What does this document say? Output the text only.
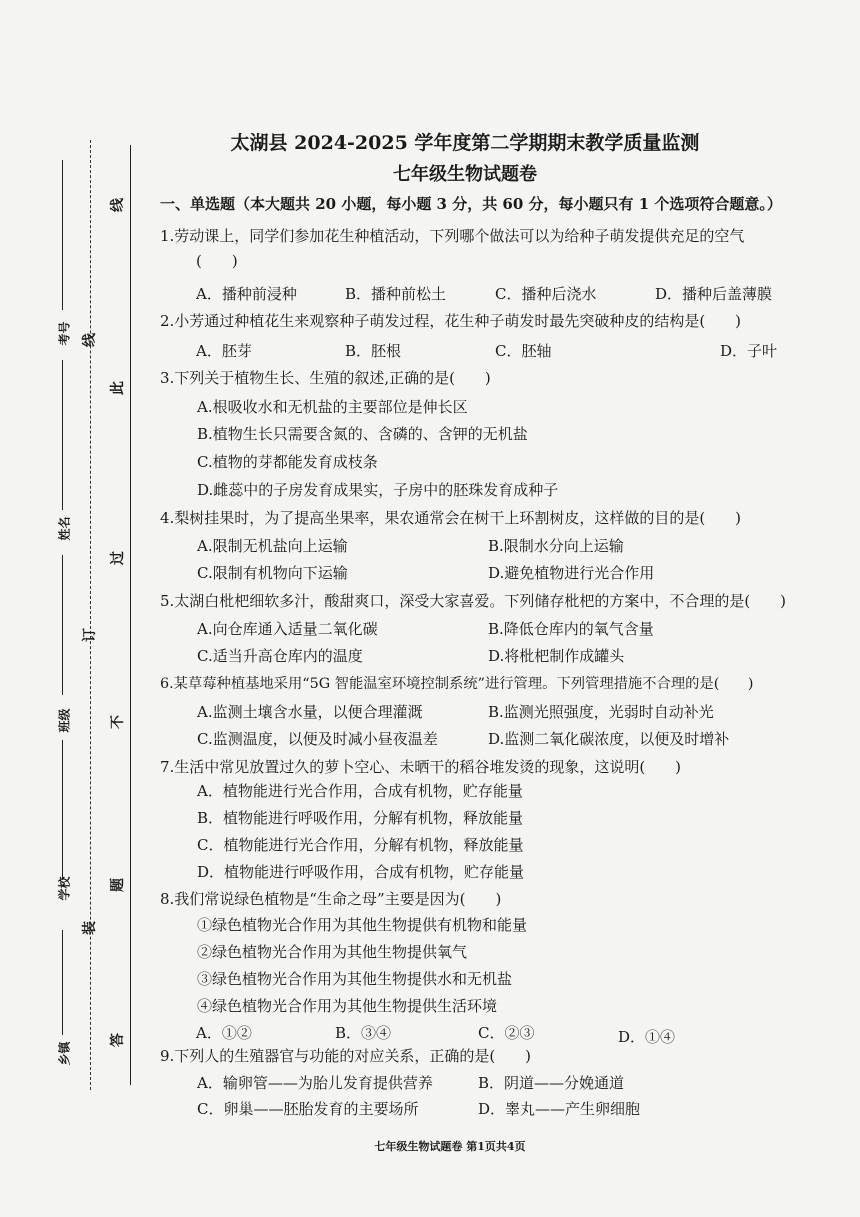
考号
姓名
班级
学校
乡镇
线
订
装
线
此
过
不
题
答
太湖县 2024-2025 学年度第二学期期末教学质量监测
七年级生物试题卷
一、单选题（本大题共 20 小题，每小题 3 分，共 60 分，每小题只有 1 个选项符合题意。）
1.劳动课上，同学们参加花生种植活动，下列哪个做法可以为给种子萌发提供充足的空气
(　　)
A．播种前浸种	B．播种前松土	C．播种后浇水	D．播种后盖薄膜
2.小芳通过种植花生来观察种子萌发过程，花生种子萌发时最先突破种皮的结构是(　　)
A．胚芽	B．胚根	C．胚轴	D．子叶
3.下列关于植物生长、生殖的叙述,正确的是(　　)
A.根吸收水和无机盐的主要部位是伸长区
B.植物生长只需要含氮的、含磷的、含钾的无机盐
C.植物的芽都能发育成枝条
D.雌蕊中的子房发育成果实，子房中的胚珠发育成种子
4.梨树挂果时，为了提高坐果率，果农通常会在树干上环割树皮，这样做的目的是(　　)
A.限制无机盐向上运输	B.限制水分向上运输
C.限制有机物向下运输	D.避免植物进行光合作用
5.太湖白枇杷细软多汁，酸甜爽口，深受大家喜爱。下列储存枇杷的方案中，不合理的是(　　)
A.向仓库通入适量二氧化碳	B.降低仓库内的氧气含量
C.适当升高仓库内的温度	D.将枇杷制作成罐头
6.某草莓种植基地采用“5G 智能温室环境控制系统”进行管理。下列管理措施不合理的是(　　)
A.监测土壤含水量，以便合理灌溉	B.监测光照强度，光弱时自动补光
C.监测温度，以便及时减小昼夜温差	D.监测二氧化碳浓度，以便及时增补
7.生活中常见放置过久的萝卜空心、未晒干的稻谷堆发烫的现象，这说明(　　)
A．植物能进行光合作用，合成有机物，贮存能量
B．植物能进行呼吸作用，分解有机物，释放能量
C．植物能进行光合作用，分解有机物，释放能量
D．植物能进行呼吸作用，合成有机物，贮存能量
8.我们常说绿色植物是“生命之母”主要是因为(　　)
①绿色植物光合作用为其他生物提供有机物和能量
②绿色植物光合作用为其他生物提供氧气
③绿色植物光合作用为其他生物提供水和无机盐
④绿色植物光合作用为其他生物提供生活环境
A．①②	B．③④	C．②③	D．①④
9.下列人的生殖器官与功能的对应关系，正确的是(　　)
A．输卵管——为胎儿发育提供营养	B．阴道——分娩通道
C．卵巢——胚胎发育的主要场所	D．睾丸——产生卵细胞
七年级生物试题卷 第1页共4页
